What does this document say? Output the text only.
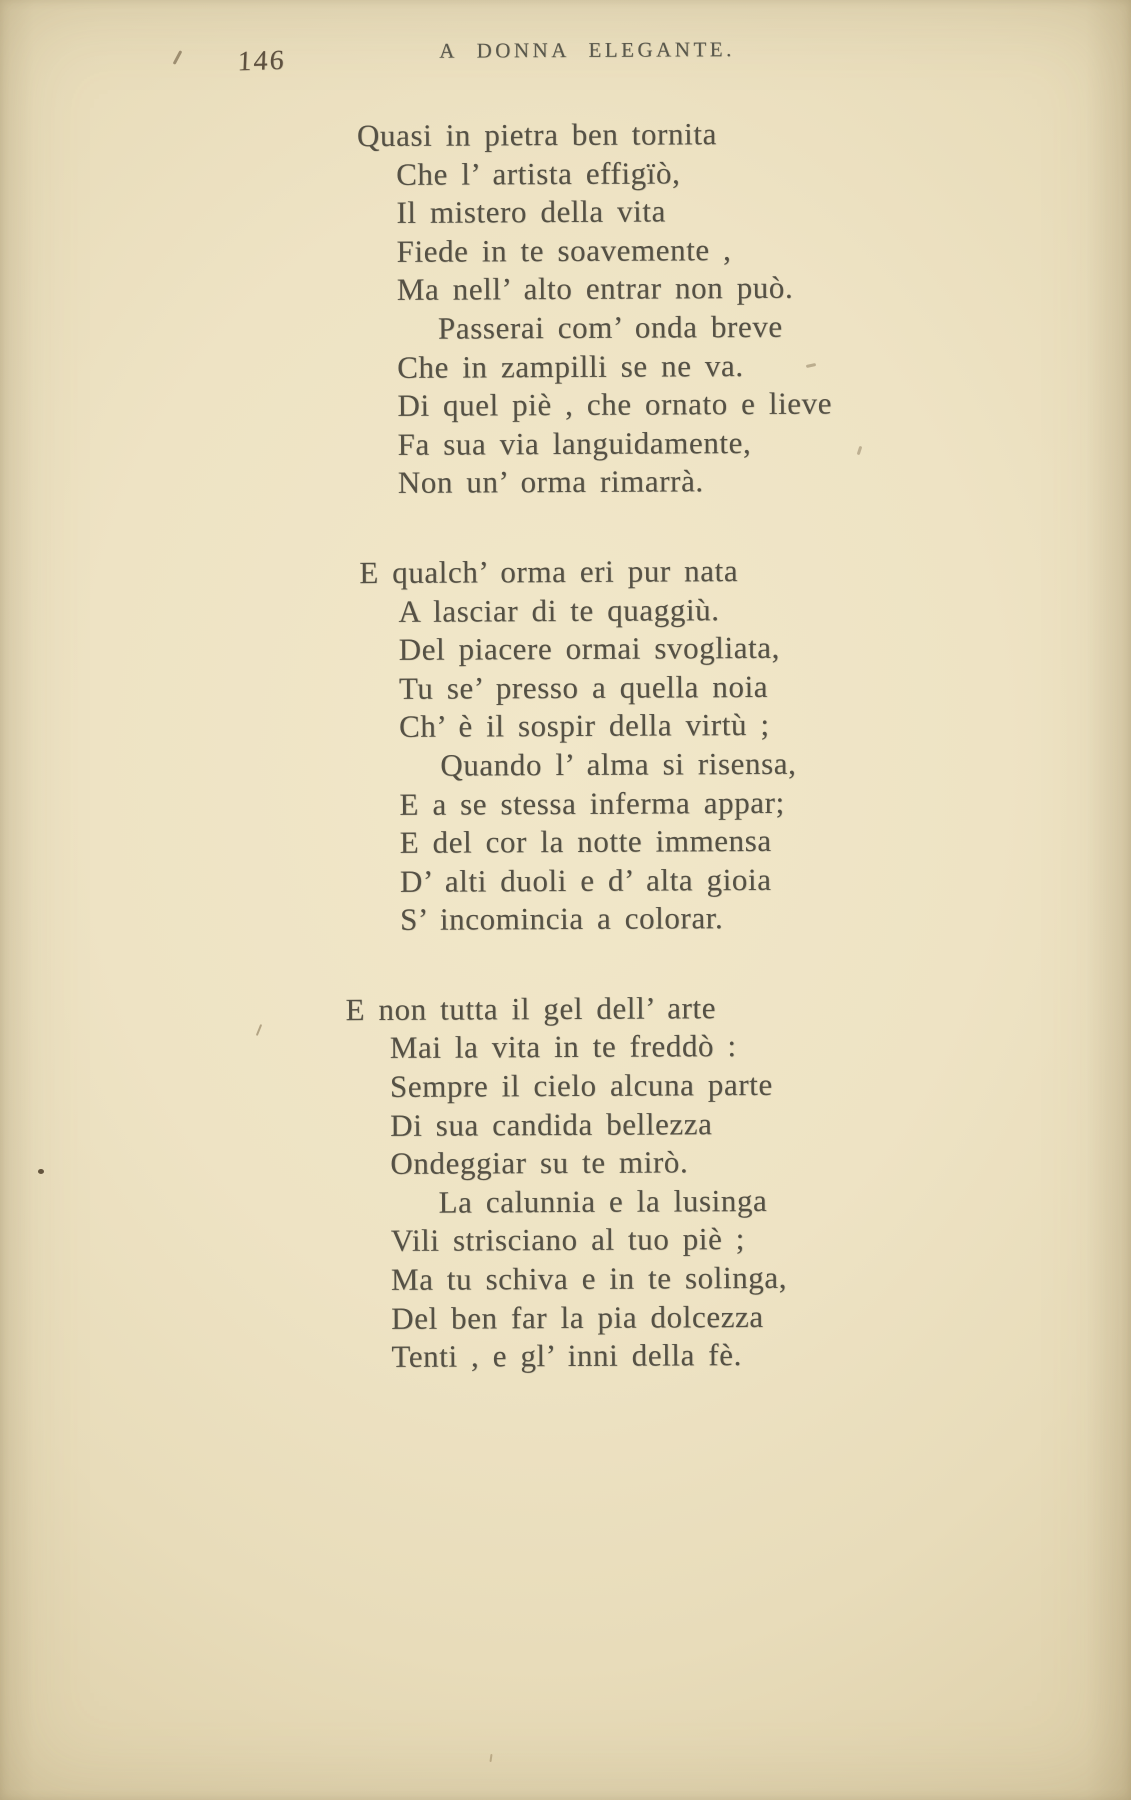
146	A DONNA ELEGANTE.
Quasi in pietra ben tornita
Che l’ artista effigïò,
Il mistero della vita
Fiede in te soavemente ,
Ma nell’ alto entrar non può.
Passerai com’ onda breve
Che in zampilli se ne va.
Di quel piè , che ornato e lieve
Fa sua via languidamente,
Non un’ orma rimarrà.
E qualch’ orma eri pur nata
A lasciar di te quaggiù.
Del piacere ormai svogliata,
Tu se’ presso a quella noia
Ch’ è il sospir della virtù ;
Quando l’ alma si risensa,
E a se stessa inferma appar;
E del cor la notte immensa
D’ alti duoli e d’ alta gioia
S’ incomincia a colorar.
E non tutta il gel dell’ arte
Mai la vita in te freddò :
Sempre il cielo alcuna parte
Di sua candida bellezza
Ondeggiar su te mirò.
La calunnia e la lusinga
Vili strisciano al tuo piè ;
Ma tu schiva e in te solinga,
Del ben far la pia dolcezza
Tenti , e gl’ inni della fè.
